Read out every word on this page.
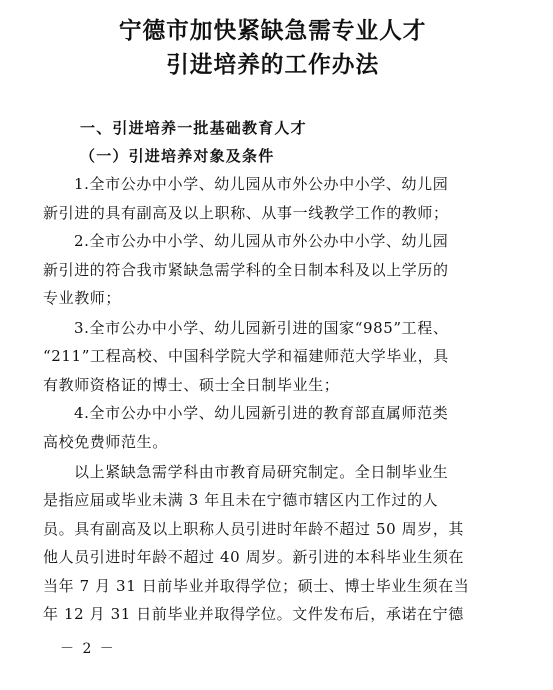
宁德市加快紧缺急需专业人才
引进培养的工作办法
一、引进培养一批基础教育人才
（一）引进培养对象及条件
1.全市公办中小学、幼儿园从市外公办中小学、幼儿园
新引进的具有副高及以上职称、从事一线教学工作的教师；
2.全市公办中小学、幼儿园从市外公办中小学、幼儿园
新引进的符合我市紧缺急需学科的全日制本科及以上学历的
专业教师；
3.全市公办中小学、幼儿园新引进的国家“985”工程、
“211”工程高校、中国科学院大学和福建师范大学毕业，具
有教师资格证的博士、硕士全日制毕业生；
4.全市公办中小学、幼儿园新引进的教育部直属师范类
高校免费师范生。
以上紧缺急需学科由市教育局研究制定。全日制毕业生
是指应届或毕业未满 3 年且未在宁德市辖区内工作过的人
员。具有副高及以上职称人员引进时年龄不超过 50 周岁，其
他人员引进时年龄不超过 40 周岁。新引进的本科毕业生须在
当年 7 月 31 日前毕业并取得学位；硕士、博士毕业生须在当
年 12 月 31 日前毕业并取得学位。文件发布后，承诺在宁德
－ 2 －
